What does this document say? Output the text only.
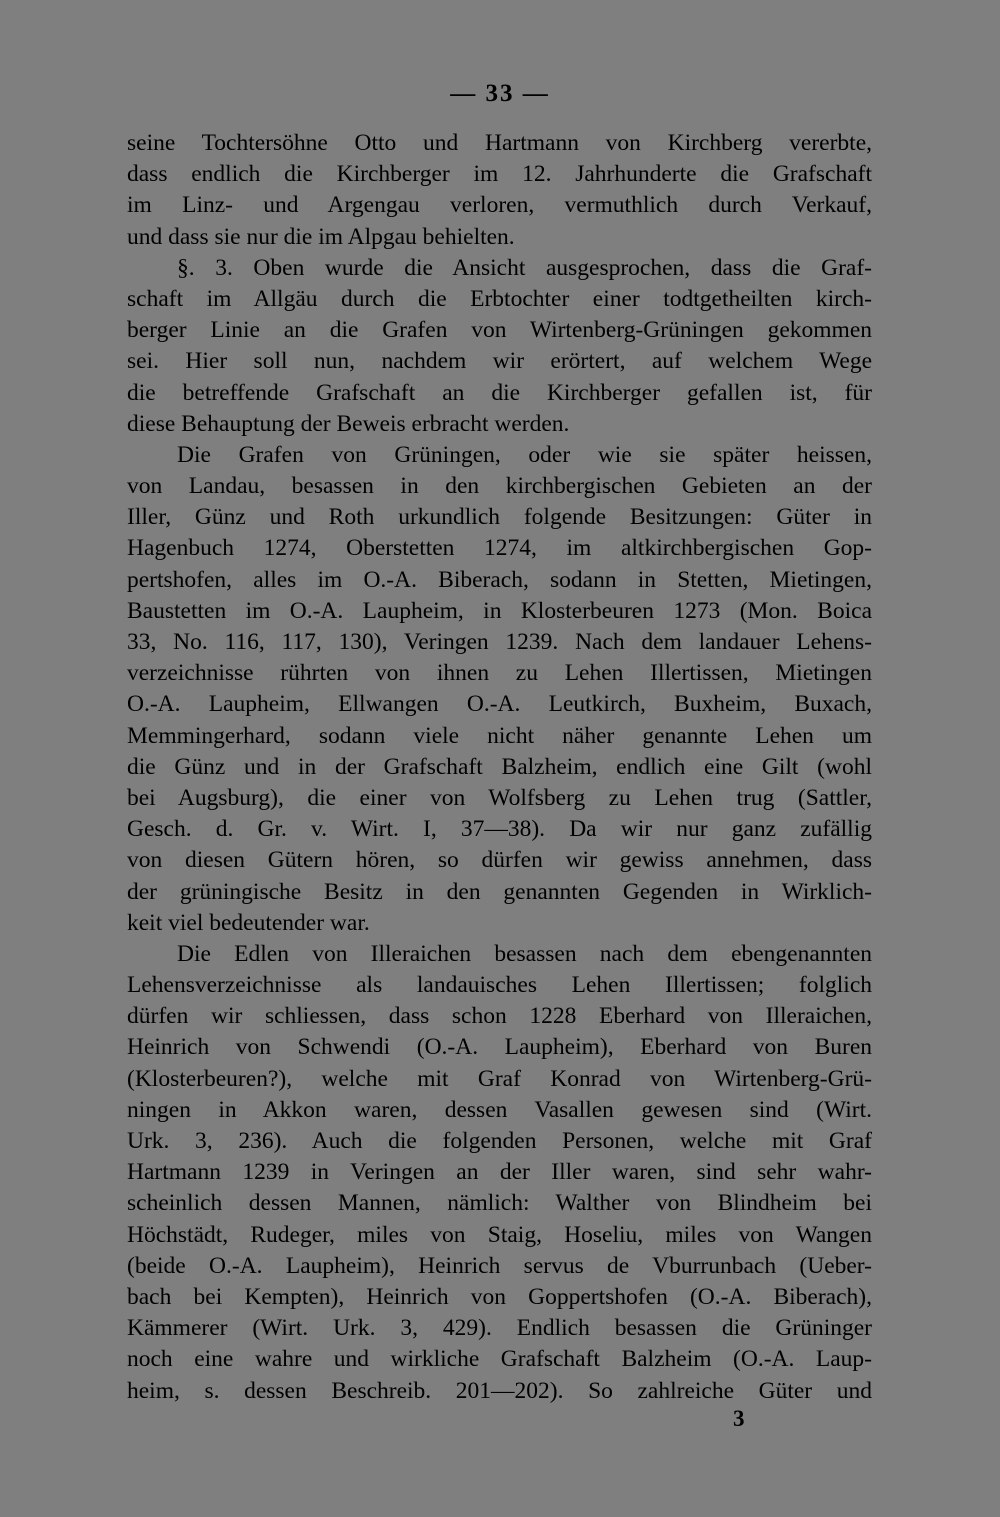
— 33 —
seine Tochtersöhne Otto und Hartmann von Kirchberg vererbte,
dass endlich die Kirchberger im 12. Jahrhunderte die Grafschaft
im Linz- und Argengau verloren, vermuthlich durch Verkauf,
und dass sie nur die im Alpgau behielten.
§. 3. Oben wurde die Ansicht ausgesprochen, dass die Graf-
schaft im Allgäu durch die Erbtochter einer todtgetheilten kirch-
berger Linie an die Grafen von Wirtenberg-Grüningen gekommen
sei. Hier soll nun, nachdem wir erörtert, auf welchem Wege
die betreffende Grafschaft an die Kirchberger gefallen ist, für
diese Behauptung der Beweis erbracht werden.
Die Grafen von Grüningen, oder wie sie später heissen,
von Landau, besassen in den kirchbergischen Gebieten an der
Iller, Günz und Roth urkundlich folgende Besitzungen: Güter in
Hagenbuch 1274, Oberstetten 1274, im altkirchbergischen Gop-
pertshofen, alles im O.-A. Biberach, sodann in Stetten, Mietingen,
Baustetten im O.-A. Laupheim, in Klosterbeuren 1273 (Mon. Boica
33, No. 116, 117, 130), Veringen 1239. Nach dem landauer Lehens-
verzeichnisse rührten von ihnen zu Lehen Illertissen, Mietingen
O.-A. Laupheim, Ellwangen O.-A. Leutkirch, Buxheim, Buxach,
Memmingerhard, sodann viele nicht näher genannte Lehen um
die Günz und in der Grafschaft Balzheim, endlich eine Gilt (wohl
bei Augsburg), die einer von Wolfsberg zu Lehen trug (Sattler,
Gesch. d. Gr. v. Wirt. I, 37—38). Da wir nur ganz zufällig
von diesen Gütern hören, so dürfen wir gewiss annehmen, dass
der grüningische Besitz in den genannten Gegenden in Wirklich-
keit viel bedeutender war.
Die Edlen von Illeraichen besassen nach dem ebengenannten
Lehensverzeichnisse als landauisches Lehen Illertissen; folglich
dürfen wir schliessen, dass schon 1228 Eberhard von Illeraichen,
Heinrich von Schwendi (O.-A. Laupheim), Eberhard von Buren
(Klosterbeuren?), welche mit Graf Konrad von Wirtenberg-Grü-
ningen in Akkon waren, dessen Vasallen gewesen sind (Wirt.
Urk. 3, 236). Auch die folgenden Personen, welche mit Graf
Hartmann 1239 in Veringen an der Iller waren, sind sehr wahr-
scheinlich dessen Mannen, nämlich: Walther von Blindheim bei
Höchstädt, Rudeger, miles von Staig, Hoseliu, miles von Wangen
(beide O.-A. Laupheim), Heinrich servus de Vburrunbach (Ueber-
bach bei Kempten), Heinrich von Goppertshofen (O.-A. Biberach),
Kämmerer (Wirt. Urk. 3, 429). Endlich besassen die Grüninger
noch eine wahre und wirkliche Grafschaft Balzheim (O.-A. Laup-
heim, s. dessen Beschreib. 201—202). So zahlreiche Güter und
3
